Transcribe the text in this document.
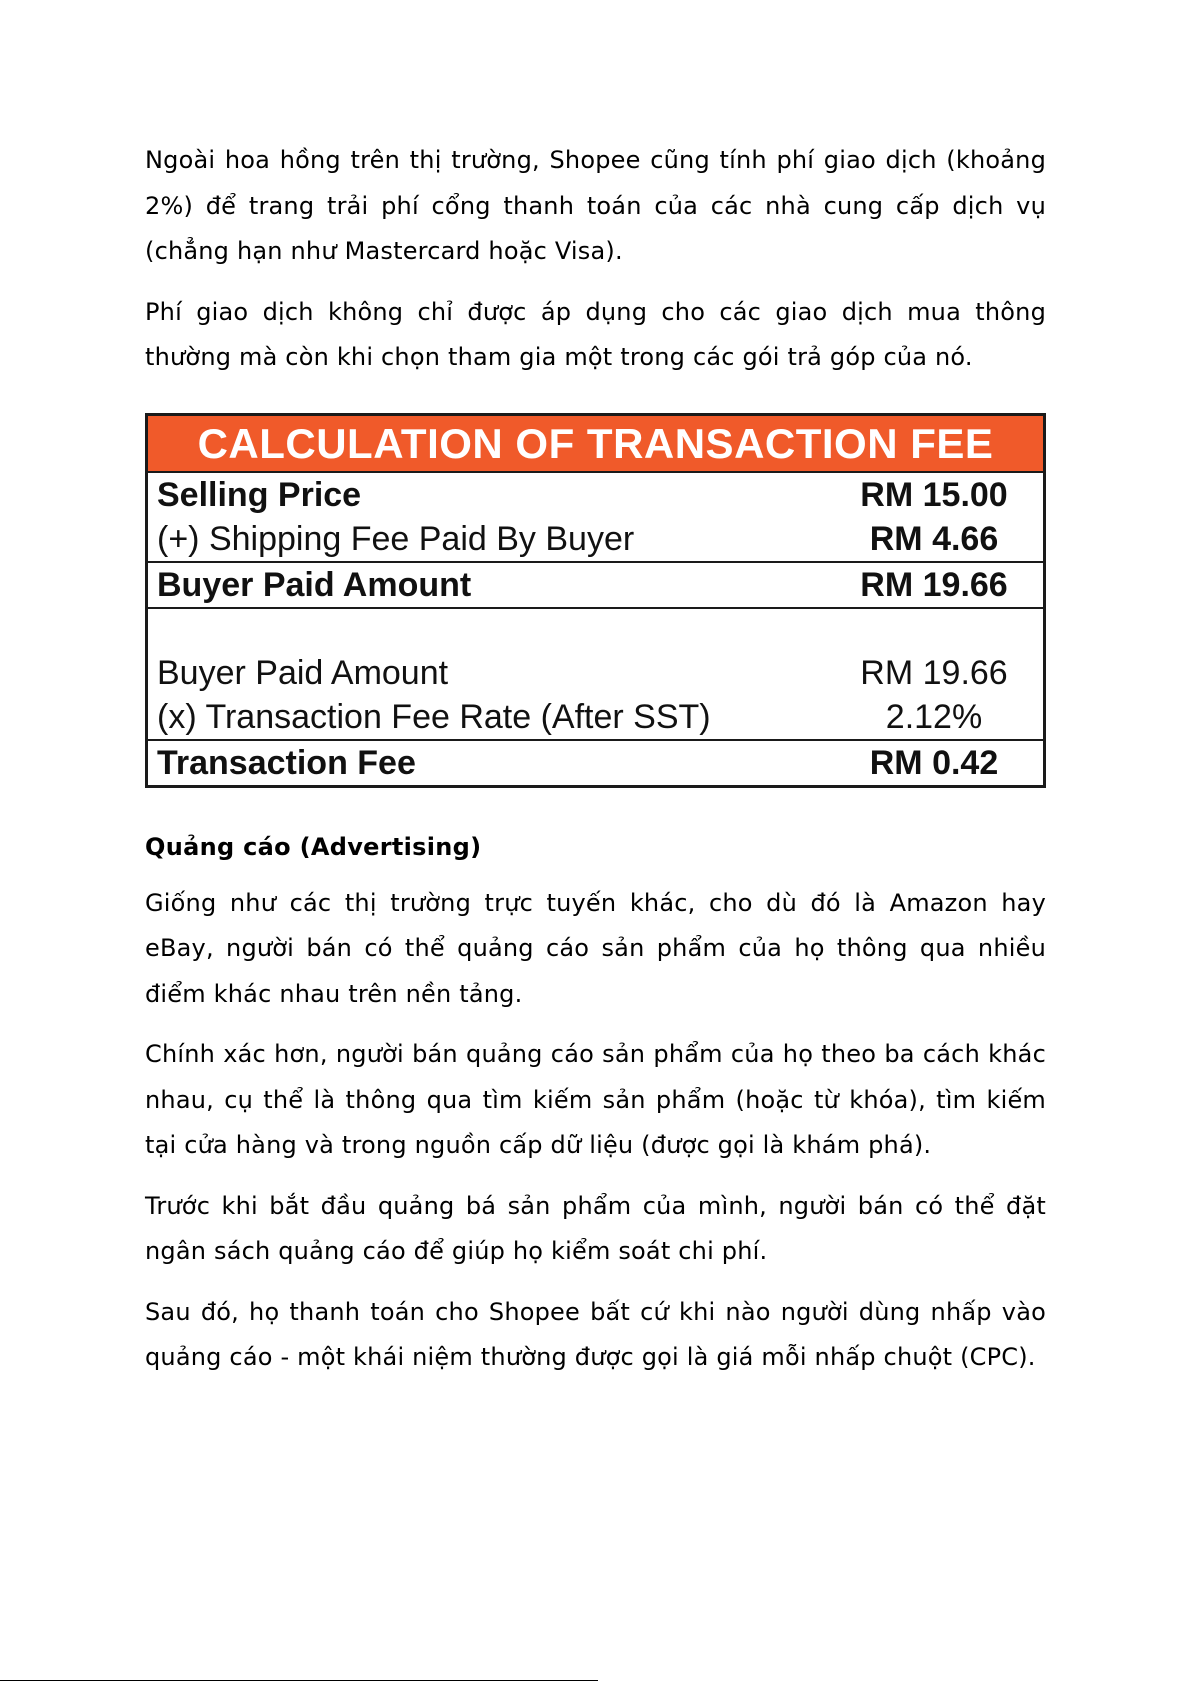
Ngoài hoa hồng trên thị trường, Shopee cũng tính phí giao dịch (khoảng 2%) để trang trải phí cổng thanh toán của các nhà cung cấp dịch vụ (chẳng hạn như Mastercard hoặc Visa).

Phí giao dịch không chỉ được áp dụng cho các giao dịch mua thông thường mà còn khi chọn tham gia một trong các gói trả góp của nó.

CALCULATION OF TRANSACTION FEE
Selling Price	RM 15.00
(+) Shipping Fee Paid By Buyer	RM 4.66
Buyer Paid Amount	RM 19.66
Buyer Paid Amount	RM 19.66
(x) Transaction Fee Rate (After SST)	2.12%
Transaction Fee	RM 0.42
Quảng cáo (Advertising)

Giống như các thị trường trực tuyến khác, cho dù đó là Amazon hay eBay, người bán có thể quảng cáo sản phẩm của họ thông qua nhiều điểm khác nhau trên nền tảng.

Chính xác hơn, người bán quảng cáo sản phẩm của họ theo ba cách khác nhau, cụ thể là thông qua tìm kiếm sản phẩm (hoặc từ khóa), tìm kiếm tại cửa hàng và trong nguồn cấp dữ liệu (được gọi là khám phá).

Trước khi bắt đầu quảng bá sản phẩm của mình, người bán có thể đặt ngân sách quảng cáo để giúp họ kiểm soát chi phí.

Sau đó, họ thanh toán cho Shopee bất cứ khi nào người dùng nhấp vào quảng cáo - một khái niệm thường được gọi là giá mỗi nhấp chuột (CPC).
